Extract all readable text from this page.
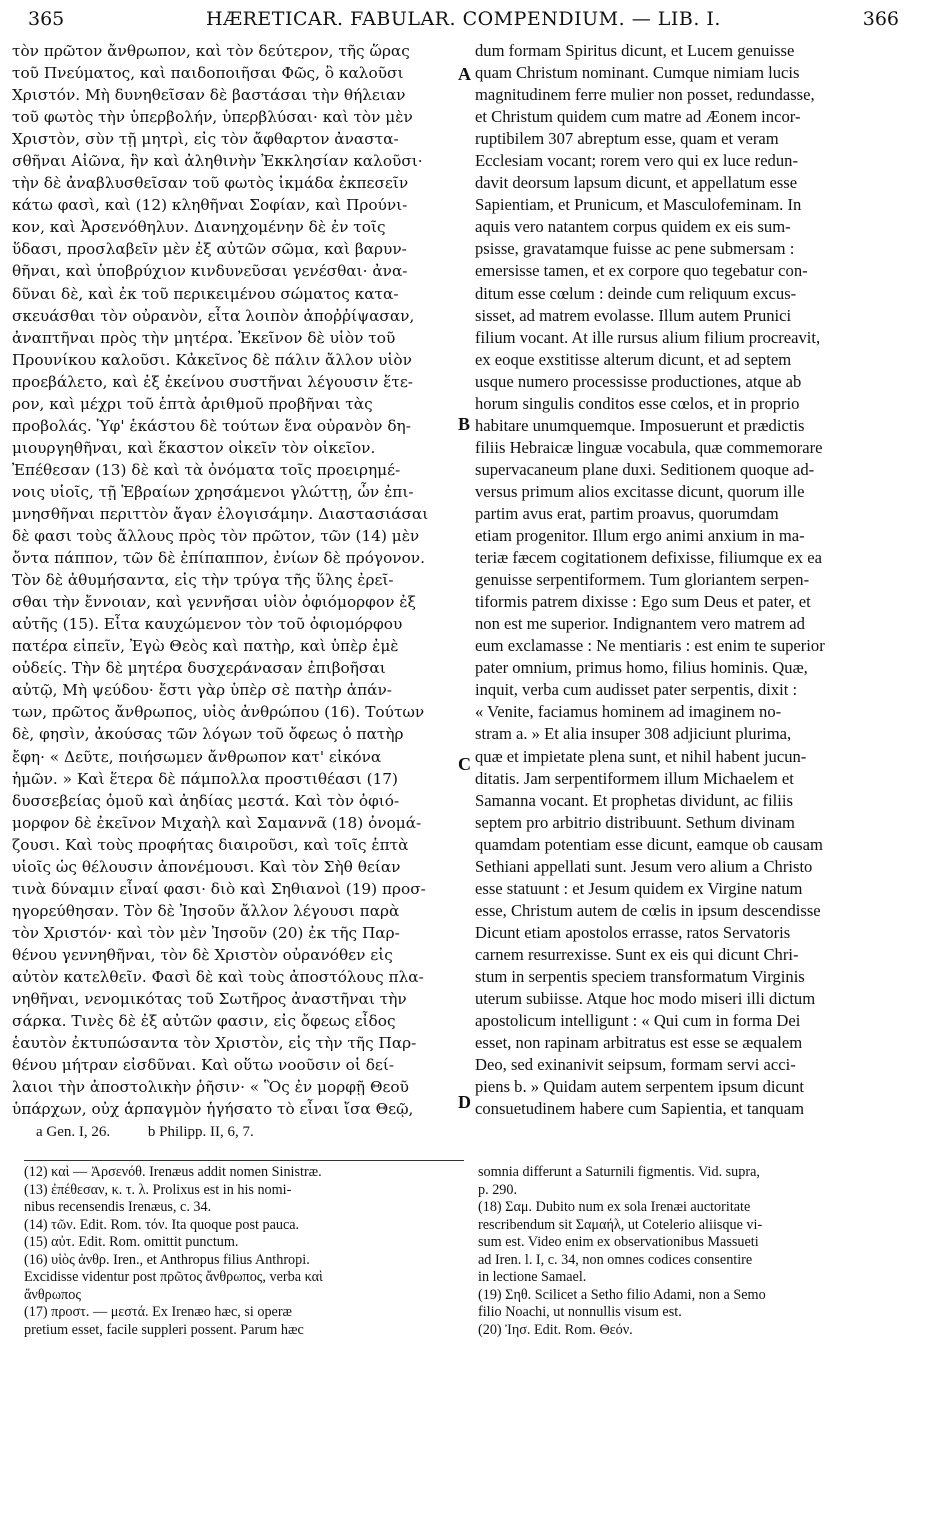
365	HÆRETICAR. FABULAR. COMPENDIUM. — LIB. I.	366
τὸν πρῶτον ἄνθρωπον, καὶ τὸν δεύτερον, τῆς ὥρας
τοῦ Πνεύματος, καὶ παιδοποιῆσαι Φῶς, ὃ καλοῦσι
Χριστόν. Μὴ δυνηθεῖσαν δὲ βαστάσαι τὴν θήλειαν
τοῦ φωτὸς τὴν ὑπερβολήν, ὑπερβλύσαι· καὶ τὸν μὲν
Χριστὸν, σὺν τῇ μητρὶ, εἰς τὸν ἄφθαρτον ἀναστα-
σθῆναι Αἰῶνα, ἣν καὶ ἀληθινὴν Ἐκκλησίαν καλοῦσι·
τὴν δὲ ἀναβλυσθεῖσαν τοῦ φωτὸς ἰκμάδα ἐκπεσεῖν
κάτω φασὶ, καὶ (12) κληθῆναι Σοφίαν, καὶ Προύνι-
κον, καὶ Ἀρσενόθηλυν. Διανηχομένην δὲ ἐν τοῖς
ὕδασι, προσλαβεῖν μὲν ἐξ αὐτῶν σῶμα, καὶ βαρυν-
θῆναι, καὶ ὑποβρύχιον κινδυνεῦσαι γενέσθαι· ἀνα-
δῦναι δὲ, καὶ ἐκ τοῦ περικειμένου σώματος κατα-
σκευάσθαι τὸν οὐρανὸν, εἶτα λοιπὸν ἀποῤῥίψασαν,
ἀναπτῆναι πρὸς τὴν μητέρα. Ἐκεῖνον δὲ υἱὸν τοῦ
Προυνίκου καλοῦσι. Κἀκεῖνος δὲ πάλιν ἄλλον υἱὸν
προεβάλετο, καὶ ἐξ ἐκείνου συστῆναι λέγουσιν ἕτε-
ρον, καὶ μέχρι τοῦ ἑπτὰ ἀριθμοῦ προβῆναι τὰς
προβολάς. Ὑφ' ἑκάστου δὲ τούτων ἕνα οὐρανὸν δη-
μιουργηθῆναι, καὶ ἕκαστον οἰκεῖν τὸν οἰκεῖον.
Ἐπέθεσαν (13) δὲ καὶ τὰ ὀνόματα τοῖς προειρημέ-
νοις υἱοῖς, τῇ Ἑβραίων χρησάμενοι γλώττῃ, ὧν ἐπι-
μνησθῆναι περιττὸν ἄγαν ἐλογισάμην. Διαστασιάσαι
δὲ φασι τοὺς ἄλλους πρὸς τὸν πρῶτον, τῶν (14) μὲν
ὄντα πάππον, τῶν δὲ ἐπίπαππον, ἐνίων δὲ πρόγονον.
Τὸν δὲ ἀθυμήσαντα, εἰς τὴν τρύγα τῆς ὕλης ἐρεῖ-
σθαι τὴν ἔννοιαν, καὶ γεννῆσαι υἱὸν ὀφιόμορφον ἐξ
αὐτῆς (15). Εἶτα καυχώμενον τὸν τοῦ ὀφιομόρφου
πατέρα εἰπεῖν, Ἐγὼ Θεὸς καὶ πατὴρ, καὶ ὑπὲρ ἐμὲ
οὐδείς. Τὴν δὲ μητέρα δυσχεράνασαν ἐπιβοῆσαι
αὐτῷ, Μὴ ψεύδου· ἔστι γὰρ ὑπὲρ σὲ πατὴρ ἁπάν-
των, πρῶτος ἄνθρωπος, υἱὸς ἀνθρώπου (16). Τούτων
δὲ, φησὶν, ἀκούσας τῶν λόγων τοῦ ὄφεως ὁ πατὴρ
ἔφη· « Δεῦτε, ποιήσωμεν ἄνθρωπον κατ' εἰκόνα
ἡμῶν. » Καὶ ἕτερα δὲ πάμπολλα προστιθέασι (17)
δυσσεβείας ὁμοῦ καὶ ἀηδίας μεστά. Καὶ τὸν ὀφιό-
μορφον δὲ ἐκεῖνον Μιχαὴλ καὶ Σαμαννᾶ (18) ὀνομά-
ζουσι. Καὶ τοὺς προφήτας διαιροῦσι, καὶ τοῖς ἑπτὰ
υἱοῖς ὡς θέλουσιν ἀπονέμουσι. Καὶ τὸν Σὴθ θείαν
τινὰ δύναμιν εἶναί φασι· διὸ καὶ Σηθιανοὶ (19) προσ-
ηγορεύθησαν. Τὸν δὲ Ἰησοῦν ἄλλον λέγουσι παρὰ
τὸν Χριστόν· καὶ τὸν μὲν Ἰησοῦν (20) ἐκ τῆς Παρ-
θένου γεννηθῆναι, τὸν δὲ Χριστὸν οὐρανόθεν εἰς
αὐτὸν κατελθεῖν. Φασὶ δὲ καὶ τοὺς ἀποστόλους πλα-
νηθῆναι, νενομικότας τοῦ Σωτῆρος ἀναστῆναι τὴν
σάρκα. Τινὲς δὲ ἐξ αὐτῶν φασιν, εἰς ὄφεως εἶδος
ἑαυτὸν ἐκτυπώσαντα τὸν Χριστὸν, εἰς τὴν τῆς Παρ-
θένου μήτραν εἰσδῦναι. Καὶ οὕτω νοοῦσιν οἱ δεί-
λαιοι τὴν ἀποστολικὴν ῥῆσιν· « Ὃς ἐν μορφῇ Θεοῦ
ὑπάρχων, οὐχ ἁρπαγμὸν ἡγήσατο τὸ εἶναι ἴσα Θεῷ,
dum formam Spiritus dicunt, et Lucem genuisse
quam Christum nominant. Cumque nimiam lucis
magnitudinem ferre mulier non posset, redundasse,
et Christum quidem cum matre ad Æonem incor-
ruptibilem 307 abreptum esse, quam et veram
Ecclesiam vocant; rorem vero qui ex luce redun-
davit deorsum lapsum dicunt, et appellatum esse
Sapientiam, et Prunicum, et Masculofeminam. In
aquis vero natantem corpus quidem ex eis sum-
psisse, gravatamque fuisse ac pene submersam :
emersisse tamen, et ex corpore quo tegebatur con-
ditum esse cœlum : deinde cum reliquum excus-
sisset, ad matrem evolasse. Illum autem Prunici
filium vocant. At ille rursus alium filium procreavit,
ex eoque exstitisse alterum dicunt, et ad septem
usque numero processisse productiones, atque ab
horum singulis conditos esse cœlos, et in proprio
habitare unumquemque. Imposuerunt et prædictis
filiis Hebraicæ linguæ vocabula, quæ commemorare
supervacaneum plane duxi. Seditionem quoque ad-
versus primum alios excitasse dicunt, quorum ille
partim avus erat, partim proavus, quorumdam
etiam progenitor. Illum ergo animi anxium in ma-
teriæ fæcem cogitationem defixisse, filiumque ex ea
genuisse serpentiformem. Tum gloriantem serpen-
tiformis patrem dixisse : Ego sum Deus et pater, et
non est me superior. Indignantem vero matrem ad
eum exclamasse : Ne mentiaris : est enim te superior
pater omnium, primus homo, filius hominis. Quæ,
inquit, verba cum audisset pater serpentis, dixit :
« Venite, faciamus hominem ad imaginem no-
stram a. » Et alia insuper 308 adjiciunt plurima,
quæ et impietate plena sunt, et nihil habent jucun-
ditatis. Jam serpentiformem illum Michaelem et
Samanna vocant. Et prophetas dividunt, ac filiis
septem pro arbitrio distribuunt. Sethum divinam
quamdam potentiam esse dicunt, eamque ob causam
Sethiani appellati sunt. Jesum vero alium a Christo
esse statuunt : et Jesum quidem ex Virgine natum
esse, Christum autem de cœlis in ipsum descendisse
Dicunt etiam apostolos errasse, ratos Servatoris
carnem resurrexisse. Sunt ex eis qui dicunt Chri-
stum in serpentis speciem transformatum Virginis
uterum subiisse. Atque hoc modo miseri illi dictum
apostolicum intelligunt : « Qui cum in forma Dei
esset, non rapinam arbitratus est esse se æqualem
Deo, sed exinanivit seipsum, formam servi acci-
piens b. » Quidam autem serpentem ipsum dicunt
consuetudinem habere cum Sapientia, et tanquam
A
B
C
D
a Gen. I, 26.	b Philipp. II, 6, 7.
(12) καὶ — Ἀρσενόθ. Irenæus addit nomen Sinistræ.
(13) ἐπέθεσαν, κ. τ. λ. Prolixus est in his nomi-
nibus recensendis Irenæus, c. 34.
(14) τῶν. Edit. Rom. τόν. Ita quoque post pauca.
(15) αὐτ. Edit. Rom. omittit punctum.
(16) υἱὸς ἀνθρ. Iren., et Anthropus filius Anthropi.
Excidisse videntur post πρῶτος ἄνθρωπος, verba καὶ
ἄνθρωπος
(17) προστ. — μεστά. Ex Irenæo hæc, si operæ
pretium esset, facile suppleri possent. Parum hæc
somnia differunt a Saturnili figmentis. Vid. supra,
p. 290.
(18) Σαμ. Dubito num ex sola Irenæi auctoritate
rescribendum sit Σαμαήλ, ut Cotelerio aliisque vi-
sum est. Video enim ex observationibus Massueti
ad Iren. l. I, c. 34, non omnes codices consentire
in lectione Samael.
(19) Σηθ. Scilicet a Setho filio Adami, non a Semo
filio Noachi, ut nonnullis visum est.
(20) Ἰησ. Edit. Rom. Θεόν.
